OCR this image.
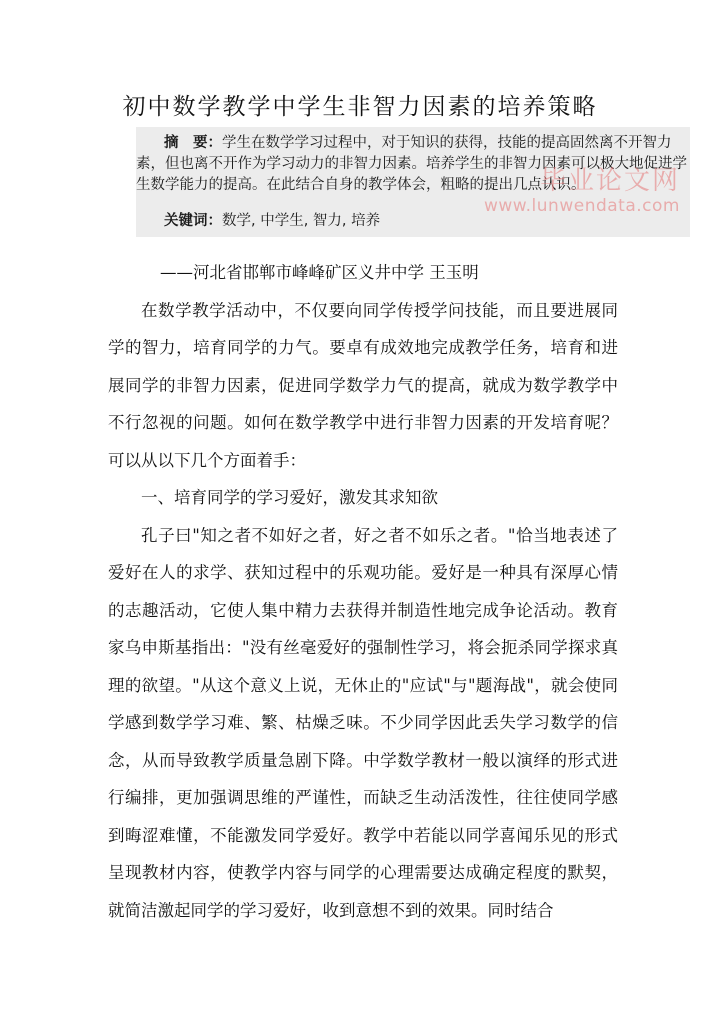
初中数学教学中学生非智力因素的培养策略

摘　要：学生在数学学习过程中，对于知识的获得，技能的提高固然离不开智力素，但也离不开作为学习动力的非智力因素。培养学生的非智力因素可以极大地促进学生数学能力的提高。在此结合自身的教学体会，粗略的提出几点认识。

关键词：数学, 中学生, 智力, 培养
毕业论文网
www.lunwendata.com

——河北省邯郸市峰峰矿区义井中学 王玉明

在数学教学活动中，不仅要向同学传授学问技能，而且要进展同学的智力，培育同学的力气。要卓有成效地完成教学任务，培育和进展同学的非智力因素，促进同学数学力气的提高，就成为数学教学中不行忽视的问题。如何在数学教学中进行非智力因素的开发培育呢？可以从以下几个方面着手：

一、培育同学的学习爱好，激发其求知欲

孔子曰"知之者不如好之者，好之者不如乐之者。"恰当地表述了爱好在人的求学、获知过程中的乐观功能。爱好是一种具有深厚心情的志趣活动，它使人集中精力去获得并制造性地完成争论活动。教育家乌申斯基指出："没有丝毫爱好的强制性学习，将会扼杀同学探求真理的欲望。"从这个意义上说，无休止的"应试"与"题海战"，就会使同学感到数学学习难、繁、枯燥乏味。不少同学因此丢失学习数学的信念，从而导致教学质量急剧下降。中学数学教材一般以演绎的形式进行编排，更加强调思维的严谨性，而缺乏生动活泼性，往往使同学感到晦涩难懂，不能激发同学爱好。教学中若能以同学喜闻乐见的形式呈现教材内容，使教学内容与同学的心理需要达成确定程度的默契，就简洁激起同学的学习爱好，收到意想不到的效果。同时结合
